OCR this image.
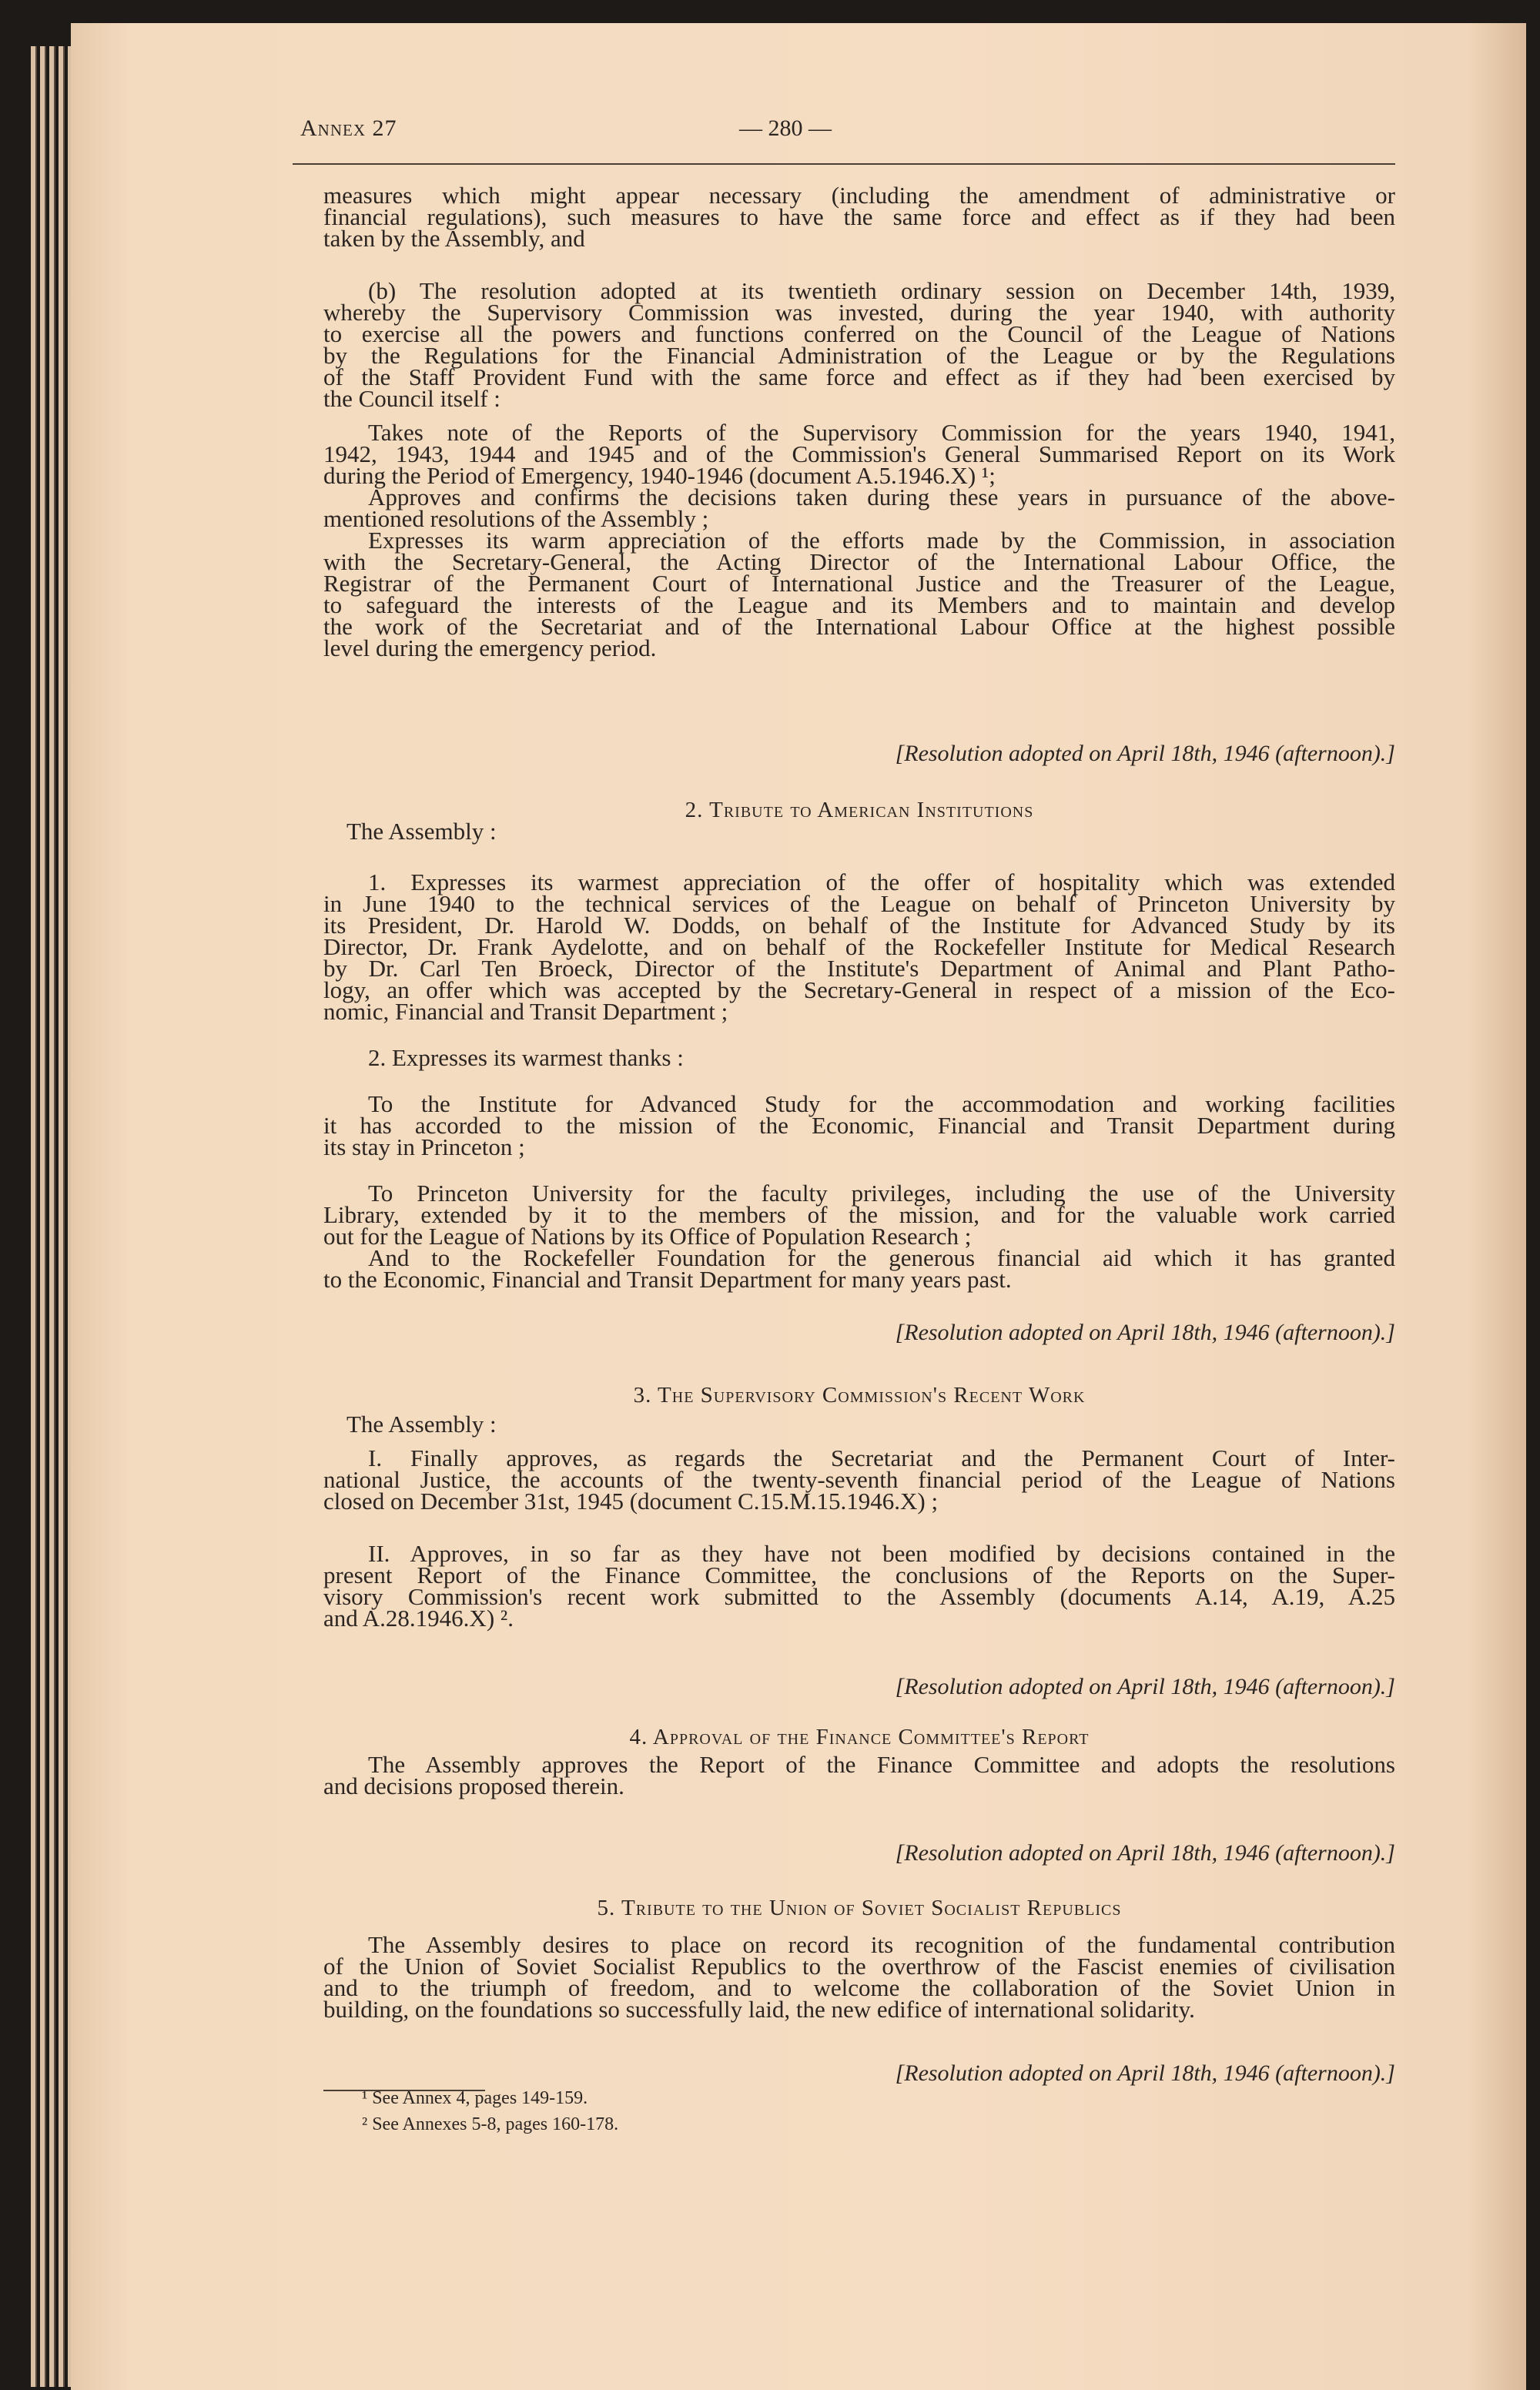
Annex 27	— 280 —
measures which might appear necessary (including the amendment of administrative or
financial regulations), such measures to have the same force and effect as if they had been
taken by the Assembly, and
(b) The resolution adopted at its twentieth ordinary session on December 14th, 1939,
whereby the Supervisory Commission was invested, during the year 1940, with authority
to exercise all the powers and functions conferred on the Council of the League of Nations
by the Regulations for the Financial Administration of the League or by the Regulations
of the Staff Provident Fund with the same force and effect as if they had been exercised by
the Council itself :
Takes note of the Reports of the Supervisory Commission for the years 1940, 1941,
1942, 1943, 1944 and 1945 and of the Commission's General Summarised Report on its Work
during the Period of Emergency, 1940-1946 (document A.5.1946.X) ¹;
Approves and confirms the decisions taken during these years in pursuance of the above-
mentioned resolutions of the Assembly ;
Expresses its warm appreciation of the efforts made by the Commission, in association
with the Secretary-General, the Acting Director of the International Labour Office, the
Registrar of the Permanent Court of International Justice and the Treasurer of the League,
to safeguard the interests of the League and its Members and to maintain and develop
the work of the Secretariat and of the International Labour Office at the highest possible
level during the emergency period.
1. Expresses its warmest appreciation of the offer of hospitality which was extended
in June 1940 to the technical services of the League on behalf of Princeton University by
its President, Dr. Harold W. Dodds, on behalf of the Institute for Advanced Study by its
Director, Dr. Frank Aydelotte, and on behalf of the Rockefeller Institute for Medical Research
by Dr. Carl Ten Broeck, Director of the Institute's Department of Animal and Plant Patho-
logy, an offer which was accepted by the Secretary-General in respect of a mission of the Eco-
nomic, Financial and Transit Department ;
2. Expresses its warmest thanks :
To the Institute for Advanced Study for the accommodation and working facilities
it has accorded to the mission of the Economic, Financial and Transit Department during
its stay in Princeton ;
To Princeton University for the faculty privileges, including the use of the University
Library, extended by it to the members of the mission, and for the valuable work carried
out for the League of Nations by its Office of Population Research ;
And to the Rockefeller Foundation for the generous financial aid which it has granted
to the Economic, Financial and Transit Department for many years past.
I. Finally approves, as regards the Secretariat and the Permanent Court of Inter-
national Justice, the accounts of the twenty-seventh financial period of the League of Nations
closed on December 31st, 1945 (document C.15.M.15.1946.X) ;
II. Approves, in so far as they have not been modified by decisions contained in the
present Report of the Finance Committee, the conclusions of the Reports on the Super-
visory Commission's recent work submitted to the Assembly (documents A.14, A.19, A.25
and A.28.1946.X) ².
The Assembly approves the Report of the Finance Committee and adopts the resolutions
and decisions proposed therein.
The Assembly desires to place on record its recognition of the fundamental contribution
of the Union of Soviet Socialist Republics to the overthrow of the Fascist enemies of civilisation
and to the triumph of freedom, and to welcome the collaboration of the Soviet Union in
building, on the foundations so successfully laid, the new edifice of international solidarity.
[Resolution adopted on April 18th, 1946 (afternoon).]
2. Tribute to American Institutions
The Assembly :
[Resolution adopted on April 18th, 1946 (afternoon).]
3. The Supervisory Commission's Recent Work
The Assembly :
[Resolution adopted on April 18th, 1946 (afternoon).]
4. Approval of the Finance Committee's Report
[Resolution adopted on April 18th, 1946 (afternoon).]
5. Tribute to the Union of Soviet Socialist Republics
[Resolution adopted on April 18th, 1946 (afternoon).]
¹ See Annex 4, pages 149-159.
² See Annexes 5-8, pages 160-178.
